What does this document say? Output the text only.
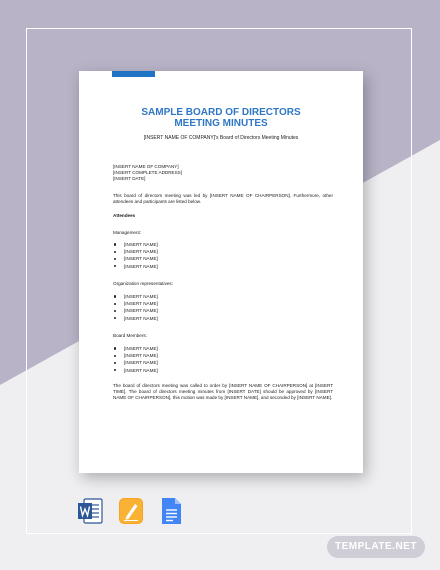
SAMPLE BOARD OF DIRECTORS
MEETING MINUTES
[INSERT NAME OF COMPANY]'s Board of Directors Meeting Minutes
[INSERT NAME OF COMPANY]
[INSERT COMPLETE ADDRESS]
[INSERT DATE]
This board of directors meeting was led by [INSERT NAME OF CHAIRPERSON]. Furthermore, other attendees and participants are listed below.
Attendees
Management:
[INSERT NAME]
[INSERT NAME]
[INSERT NAME]
[INSERT NAME]
Organization representatives:
[INSERT NAME]
[INSERT NAME]
[INSERT NAME]
[INSERT NAME]
Board Members:
[INSERT NAME]
[INSERT NAME]
[INSERT NAME]
[INSERT NAME]
The board of directors meeting was called to order by [INSERT NAME OF CHAIRPERSON] at [INSERT TIME]. The board of directors meeting minutes from [INSERT DATE] should be approved by [INSERT NAME OF CHAIRPERSON], this motion was made by [INSERT NAME], and seconded by [INSERT NAME].
TEMPLATE.NET
